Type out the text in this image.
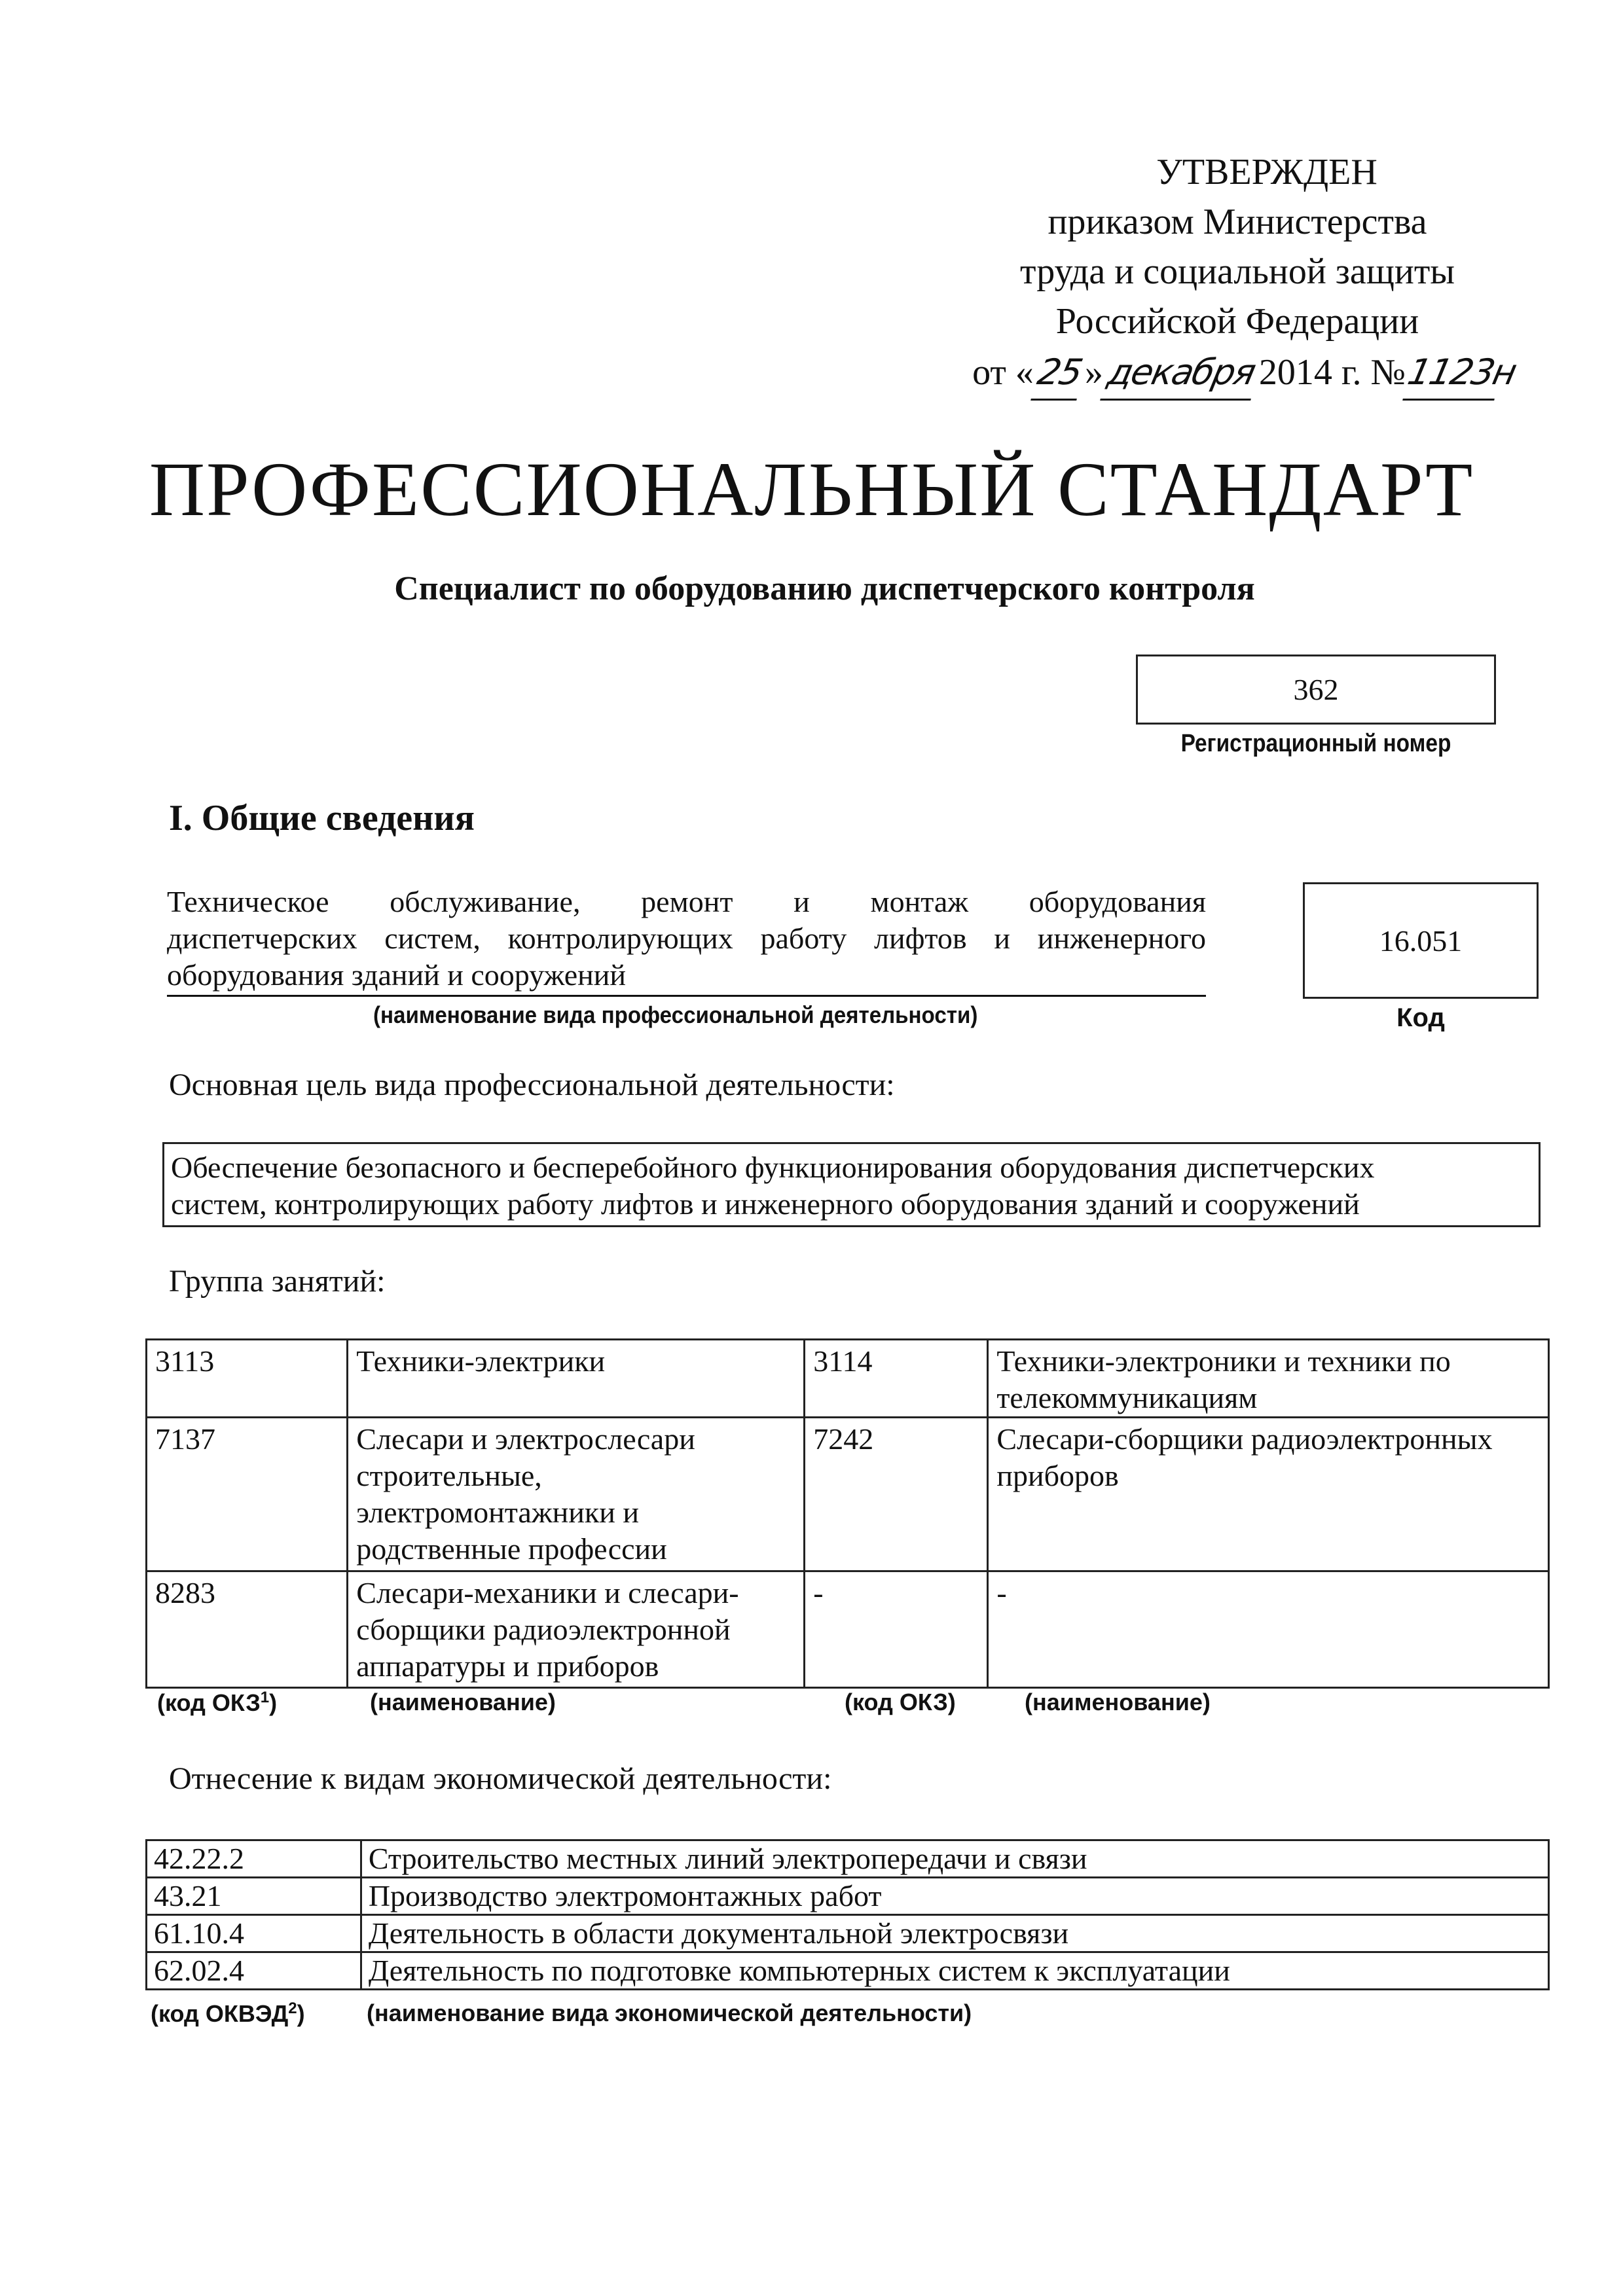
УТВЕРЖДЕН
приказом Министерства
труда и социальной защиты
Российской Федерации
от «25»декабря2014 г. №1123н
ПРОФЕССИОНАЛЬНЫЙ СТАНДАРТ
Специалист по оборудованию диспетчерского контроля
362
Регистрационный номер
I. Общие сведения
Техническое обслуживание, ремонт и монтаж оборудования
диспетчерских систем, контролирующих работу лифтов и инженерного
оборудования зданий и сооружений
(наименование вида профессиональной деятельности)
16.051
Код
Основная цель вида профессиональной деятельности:
Обеспечение безопасного и бесперебойного функционирования оборудования диспетчерских
систем, контролирующих работу лифтов и инженерного оборудования зданий и сооружений
Группа занятий:
3113	Техники-электрики	3114	Техники-электроники и техники по телекоммуникациям
7137	Слесари и электрослесари строительные, электромонтажники и родственные профессии	7242	Слесари-сборщики радиоэлектронных приборов
8283	Слесари-механики и слесари-сборщики радиоэлектронной аппаратуры и приборов	-	-
(код ОКЗ$^1$)	(наименование)	(код ОКЗ)	(наименование)
Отнесение к видам экономической деятельности:
42.22.2	Строительство местных линий электропередачи и связи
43.21	Производство электромонтажных работ
61.10.4	Деятельность в области документальной электросвязи
62.02.4	Деятельность по подготовке компьютерных систем к эксплуатации
(код ОКВЭД$^2$)	(наименование вида экономической деятельности)
